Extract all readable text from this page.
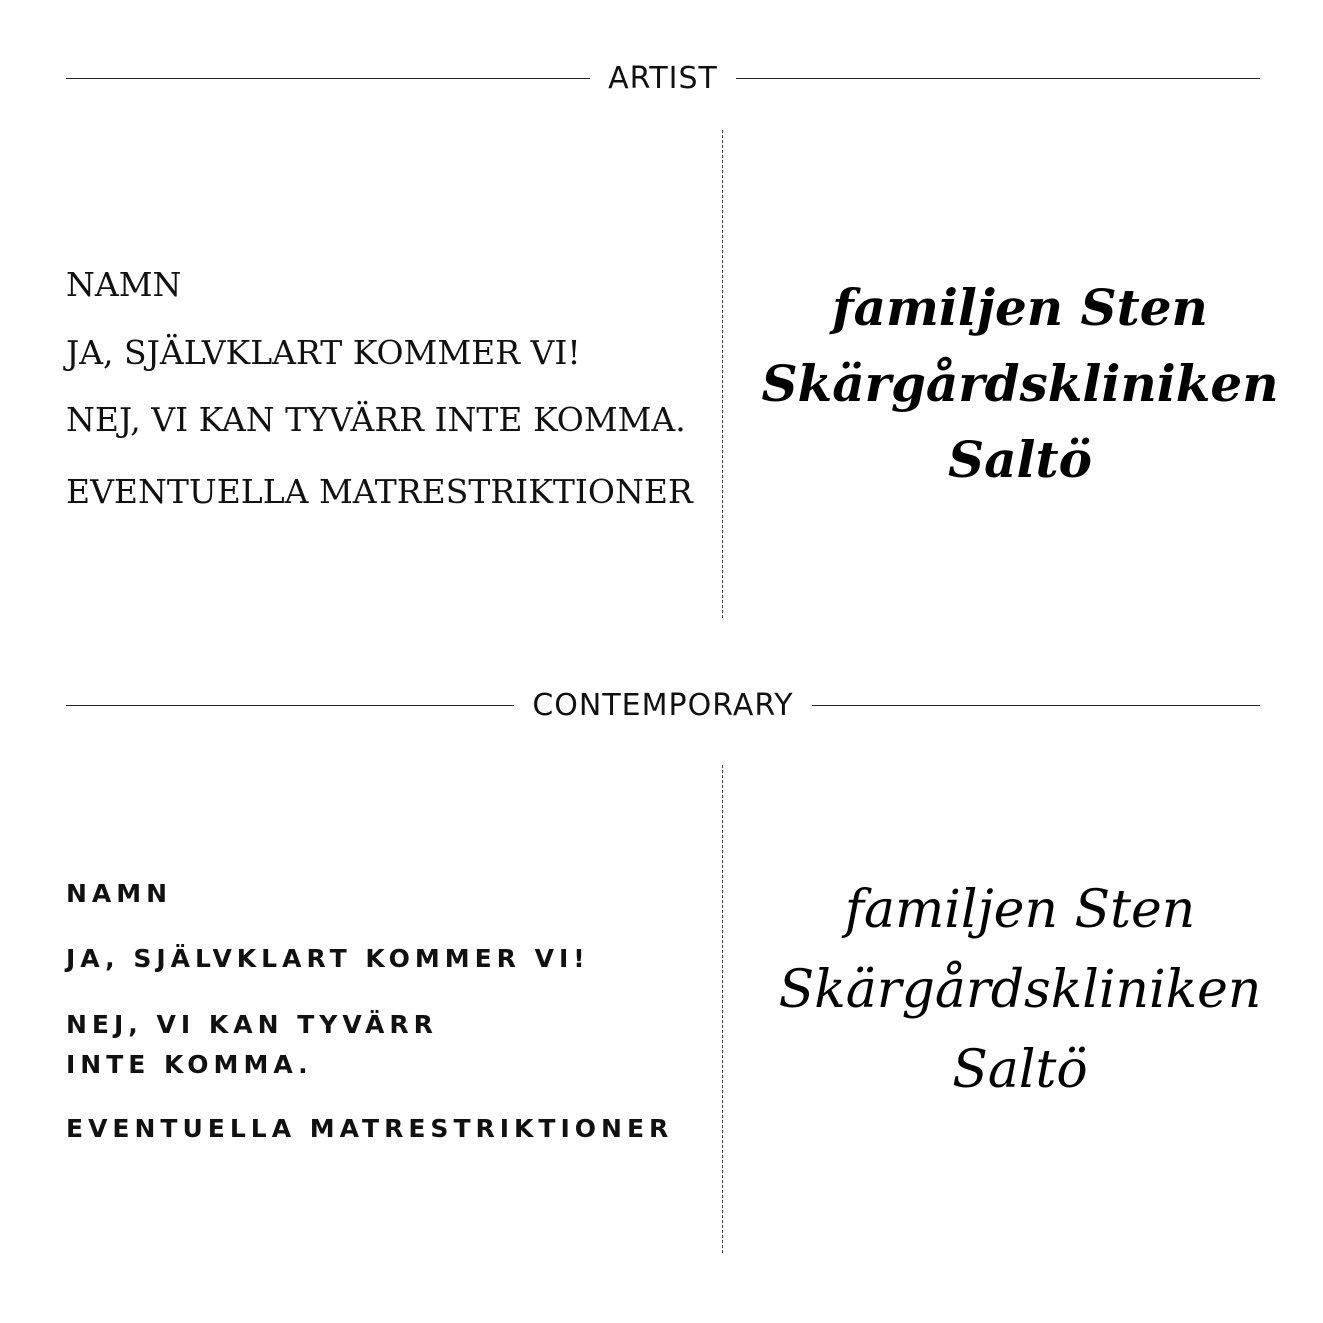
ARTIST
NAMN
JA, SJÄLVKLART KOMMER VI!
NEJ, VI KAN TYVÄRR INTE KOMMA.
EVENTUELLA MATRESTRIKTIONER
familjen Sten
Skärgårdskliniken
Saltö
CONTEMPORARY
NAMN
JA, SJÄLVKLART KOMMER VI!
NEJ, VI KAN TYVÄRR
INTE KOMMA.
EVENTUELLA MATRESTRIKTIONER
familjen Sten
Skärgårdskliniken
Saltö
